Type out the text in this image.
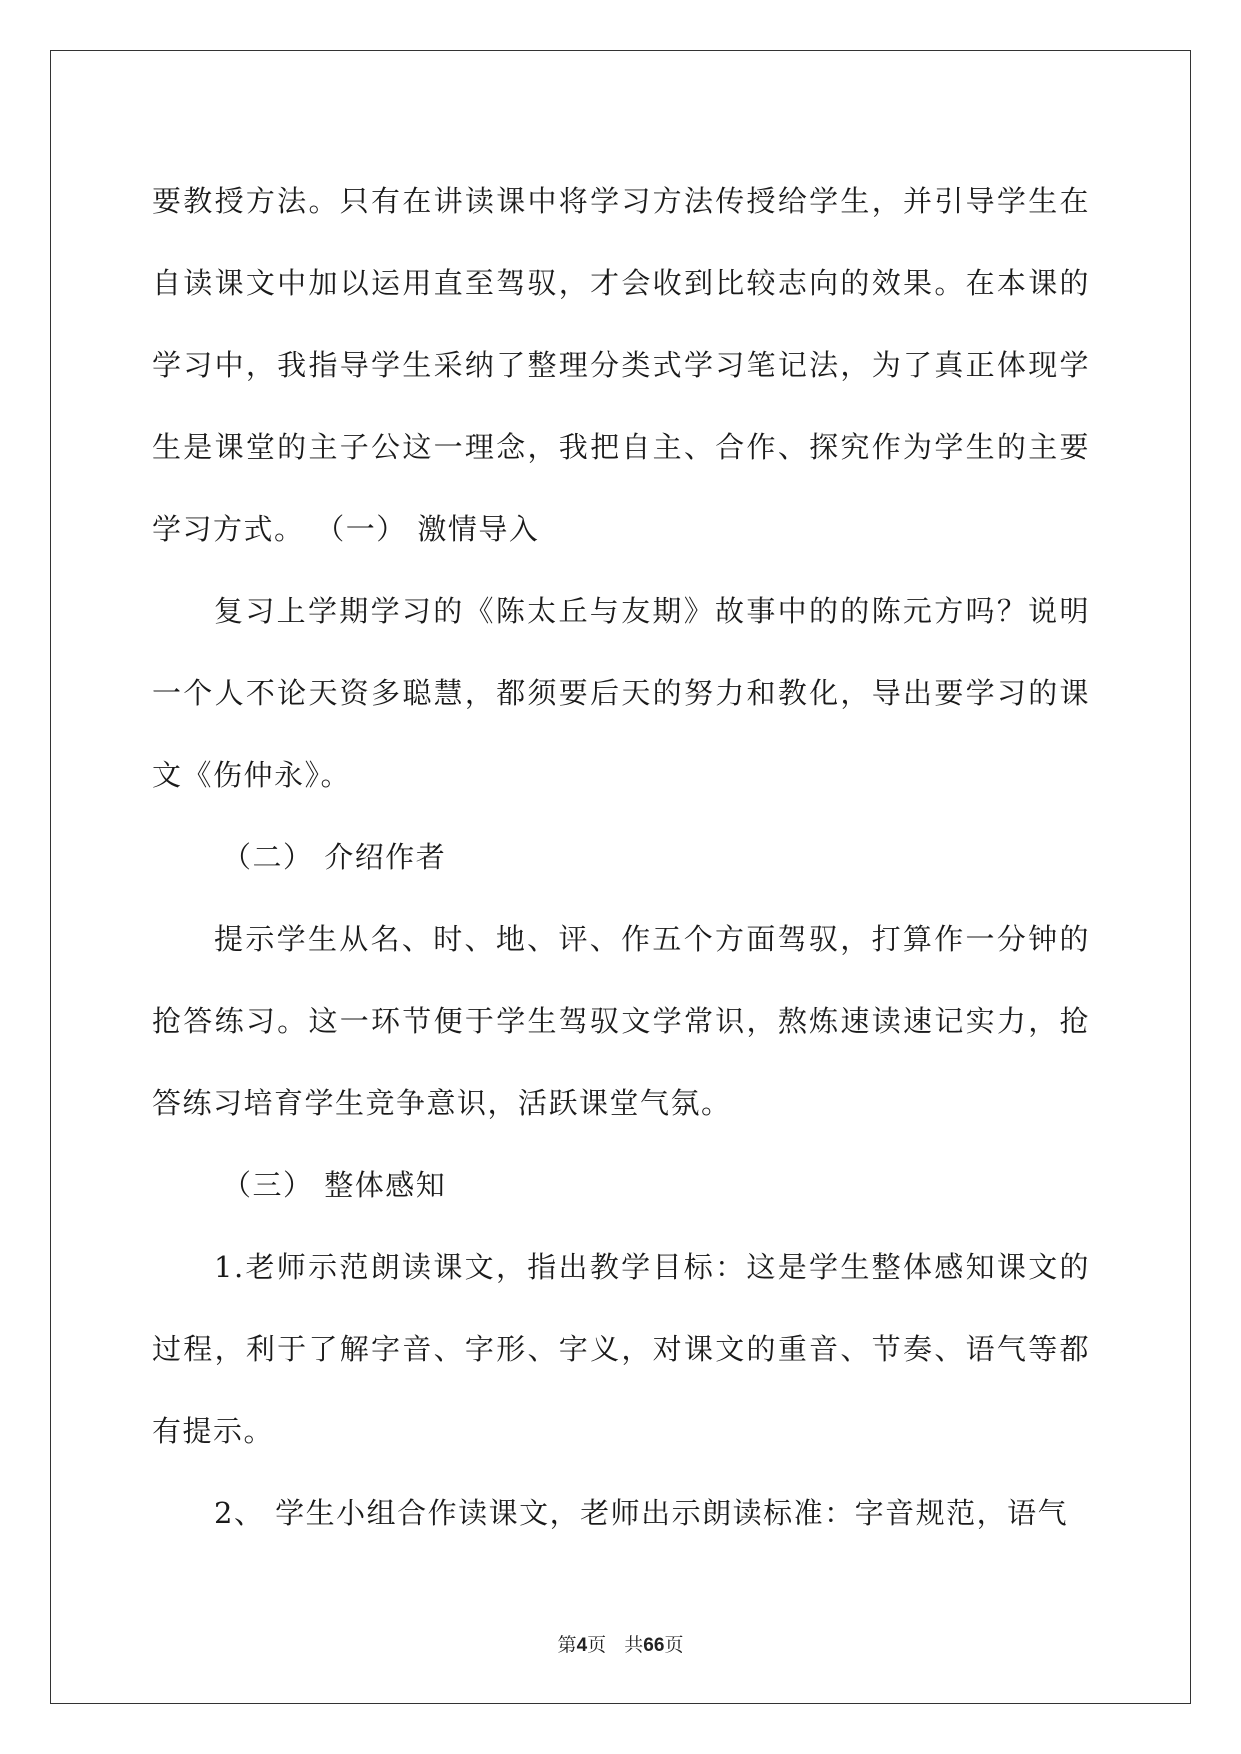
要教授方法。只有在讲读课中将学习方法传授给学生，并引导学生在自读课文中加以运用直至驾驭，才会收到比较志向的效果。在本课的学习中，我指导学生采纳了整理分类式学习笔记法，为了真正体现学生是课堂的主子公这一理念，我把自主、合作、探究作为学生的主要学习方式。 （一） 激情导入

复习上学期学习的《陈太丘与友期》故事中的的陈元方吗？说明一个人不论天资多聪慧，都须要后天的努力和教化，导出要学习的课文《伤仲永》。

（二） 介绍作者

提示学生从名、时、地、评、作五个方面驾驭，打算作一分钟的抢答练习。这一环节便于学生驾驭文学常识，熬炼速读速记实力，抢答练习培育学生竞争意识，活跃课堂气氛。

（三） 整体感知

1.老师示范朗读课文，指出教学目标：这是学生整体感知课文的过程，利于了解字音、字形、字义，对课文的重音、节奏、语气等都有提示。

2、 学生小组合作读课文，老师出示朗读标准：字音规范，语气

第4页 共66页
